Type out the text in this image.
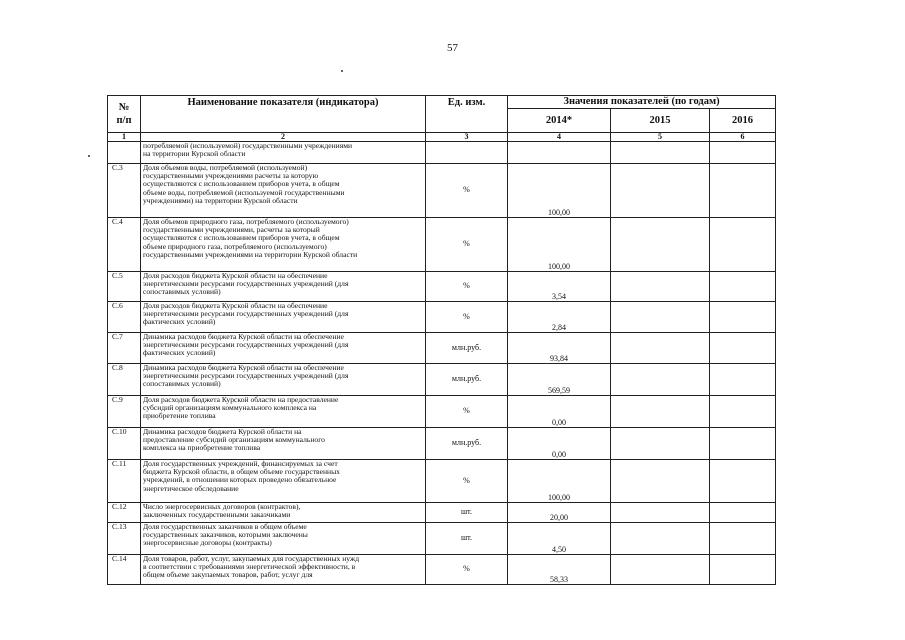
57
№
п/п	Наименование показателя (индикатора)	Ед. изм.	Значения показателей (по годам)		
			2014*	2015	2016
1	2	3	4	5	6
	потребляемой (используемой) государственными учреждениями
на территории Курской области				
С.3	Доля объемов воды, потребляемой (используемой)
государственными учреждениями расчеты за которую
осуществляются с использованием приборов учета, в общем
объеме воды, потребляемой (используемой государственными
учреждениями) на территории Курской области	%	100,00		
С.4	Доля объемов природного газа, потребляемого (используемого)
государственными учреждениями, расчеты за который
осуществляются с использованием приборов учета, в общем
объеме природного газа, потребляемого (используемого)
государственными учреждениями на территории Курской области	%	100,00		
С.5	Доля расходов бюджета Курской области на обеспечение
энергетическими ресурсами государственных учреждений (для
сопоставимых условий)	%	3,54		
С.6	Доля расходов бюджета Курской области на обеспечение
энергетическими ресурсами государственных учреждений (для
фактических условий)	%	2,84		
С.7	Динамика расходов бюджета Курской области на обеспечение
энергетическими ресурсами государственных учреждений (для
фактических условий)	млн.руб.	93,84		
С.8	Динамика расходов бюджета Курской области на обеспечение
энергетическими ресурсами государственных учреждений (для
сопоставимых условий)	млн.руб.	569,59		
С.9	Доля расходов бюджета Курской области на предоставление
субсидий организациям коммунального комплекса на
приобретение топлива	%	0,00		
С.10	Динамика расходов бюджета Курской области на
предоставление субсидий организациям коммунального
комплекса на приобретение топлива	млн.руб.	0,00		
С.11	Доля государственных учреждений, финансируемых за счет
бюджета Курской области, в общем объеме государственных
учреждений, в отношении которых проведено обязательное
энергетическое обследование	%	100,00		
С.12	Число энергосервисных договоров (контрактов),
заключенных государственными заказчиками	шт.	20,00		
С.13	Доля государственных заказчиков в общем объеме
государственных заказчиков, которыми заключены
энергосервисные договоры (контракты)	шт.	4,50		
С.14	Доля товаров, работ, услуг, закупаемых для государственных нужд
в соответствии с требованиями энергетической эффективности, в
общем объеме закупаемых товаров, работ, услуг для	%	58,33		
